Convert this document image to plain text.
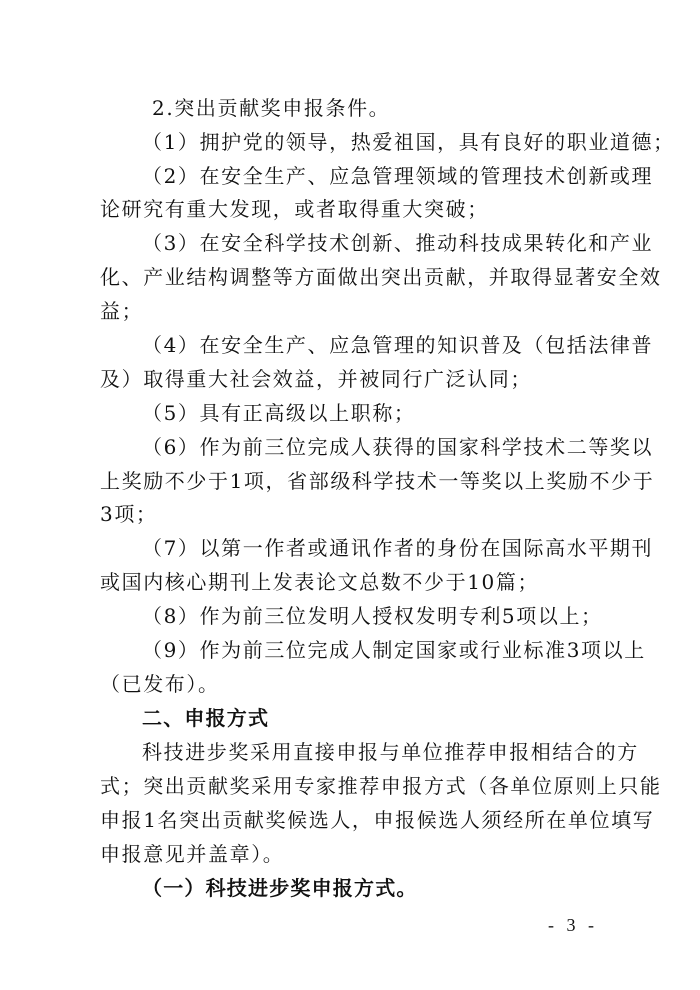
2.突出贡献奖申报条件。
（1）拥护党的领导，热爱祖国，具有良好的职业道德；
（2）在安全生产、应急管理领域的管理技术创新或理
论研究有重大发现，或者取得重大突破；
（3）在安全科学技术创新、推动科技成果转化和产业
化、产业结构调整等方面做出突出贡献，并取得显著安全效
益；
（4）在安全生产、应急管理的知识普及（包括法律普
及）取得重大社会效益，并被同行广泛认同；
（5）具有正高级以上职称；
（6）作为前三位完成人获得的国家科学技术二等奖以
上奖励不少于1项，省部级科学技术一等奖以上奖励不少于
3项；
（7）以第一作者或通讯作者的身份在国际高水平期刊
或国内核心期刊上发表论文总数不少于10篇；
（8）作为前三位发明人授权发明专利5项以上；
（9）作为前三位完成人制定国家或行业标准3项以上
（已发布）。
二、申报方式
科技进步奖采用直接申报与单位推荐申报相结合的方
式；突出贡献奖采用专家推荐申报方式（各单位原则上只能
申报1名突出贡献奖候选人，申报候选人须经所在单位填写
申报意见并盖章）。
（一）科技进步奖申报方式。
- 3 -
